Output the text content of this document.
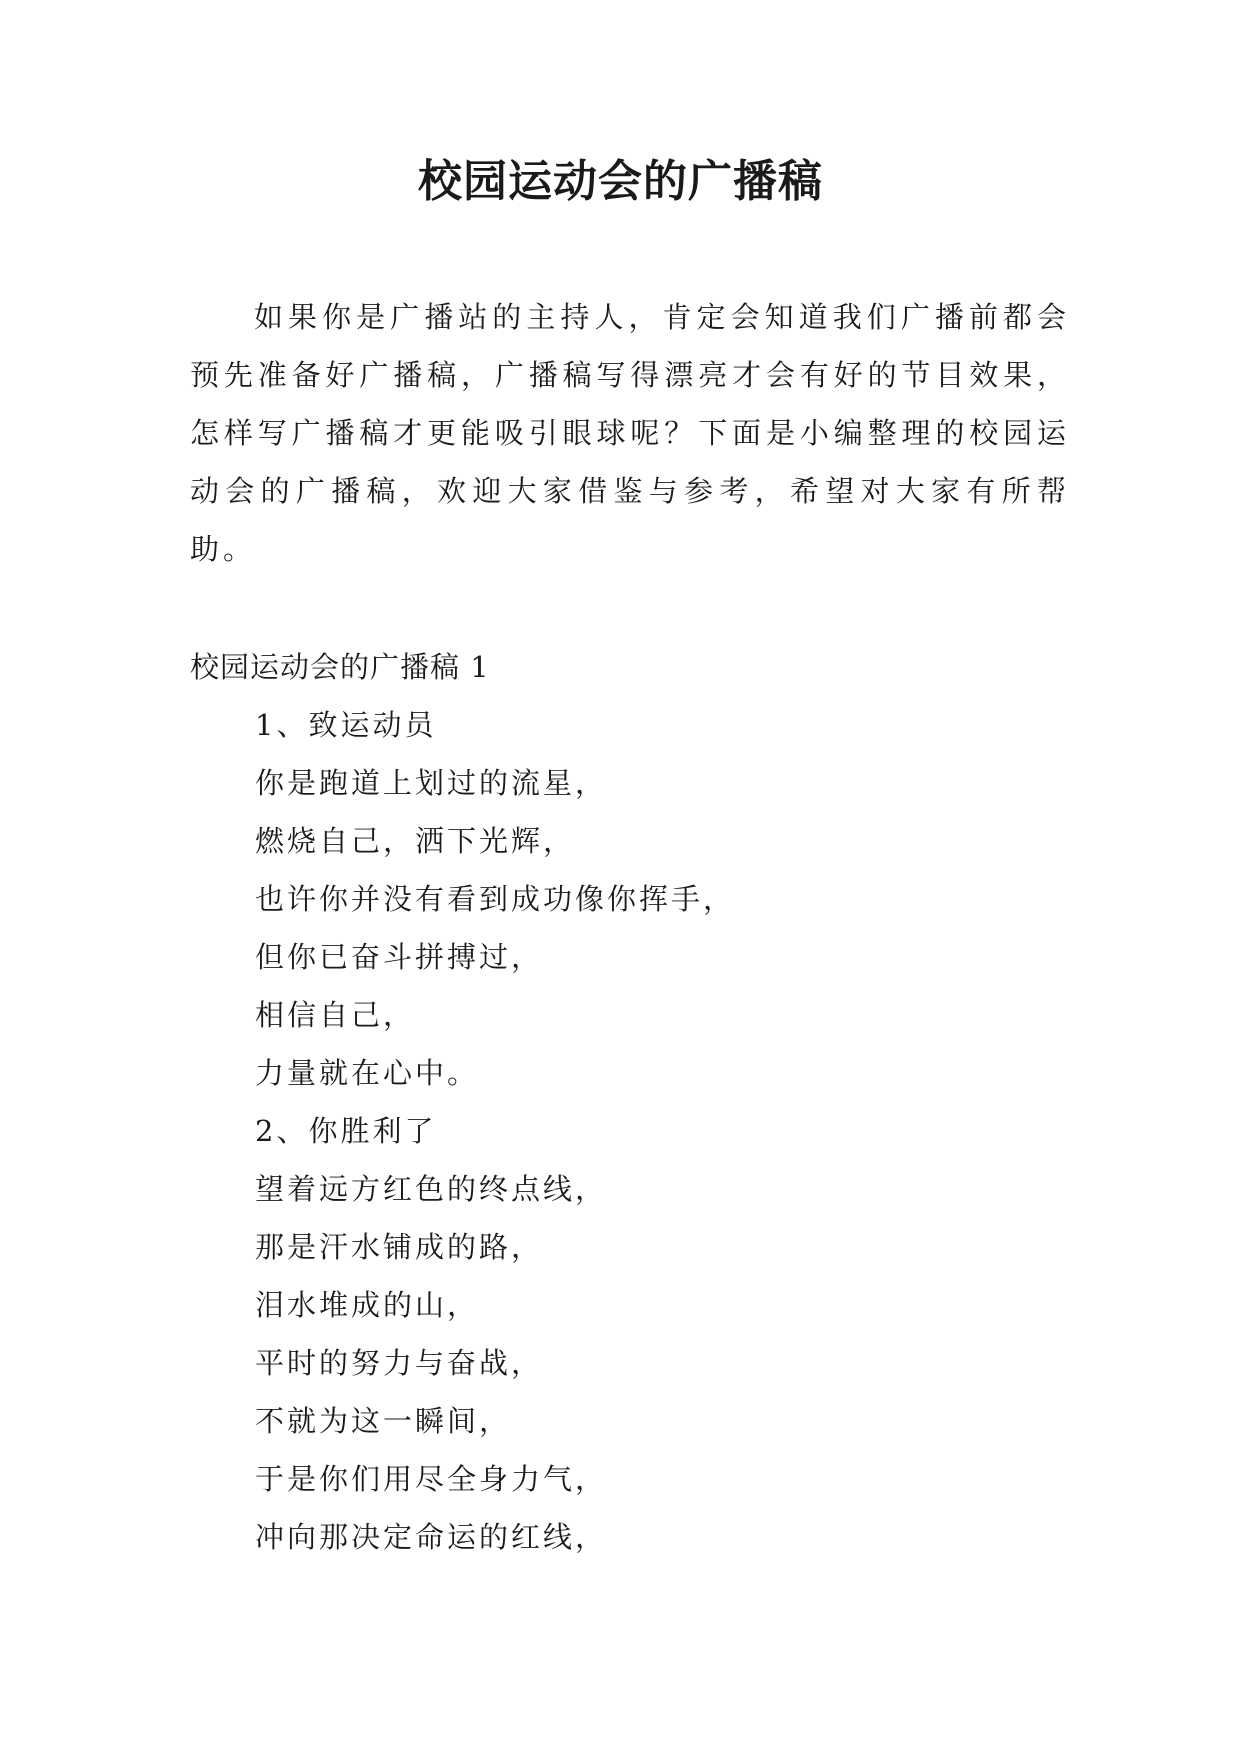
校园运动会的广播稿

如果你是广播站的主持人，肯定会知道我们广播前都会预先准备好广播稿，广播稿写得漂亮才会有好的节目效果，怎样写广播稿才更能吸引眼球呢？下面是小编整理的校园运动会的广播稿，欢迎大家借鉴与参考，希望对大家有所帮助。

校园运动会的广播稿 1

1、致运动员
你是跑道上划过的流星，
燃烧自己，洒下光辉，
也许你并没有看到成功像你挥手，
但你已奋斗拼搏过，
相信自己，
力量就在心中。
2、你胜利了
望着远方红色的终点线，
那是汗水铺成的路，
泪水堆成的山，
平时的努力与奋战，
不就为这一瞬间，
于是你们用尽全身力气，
冲向那决定命运的红线，
